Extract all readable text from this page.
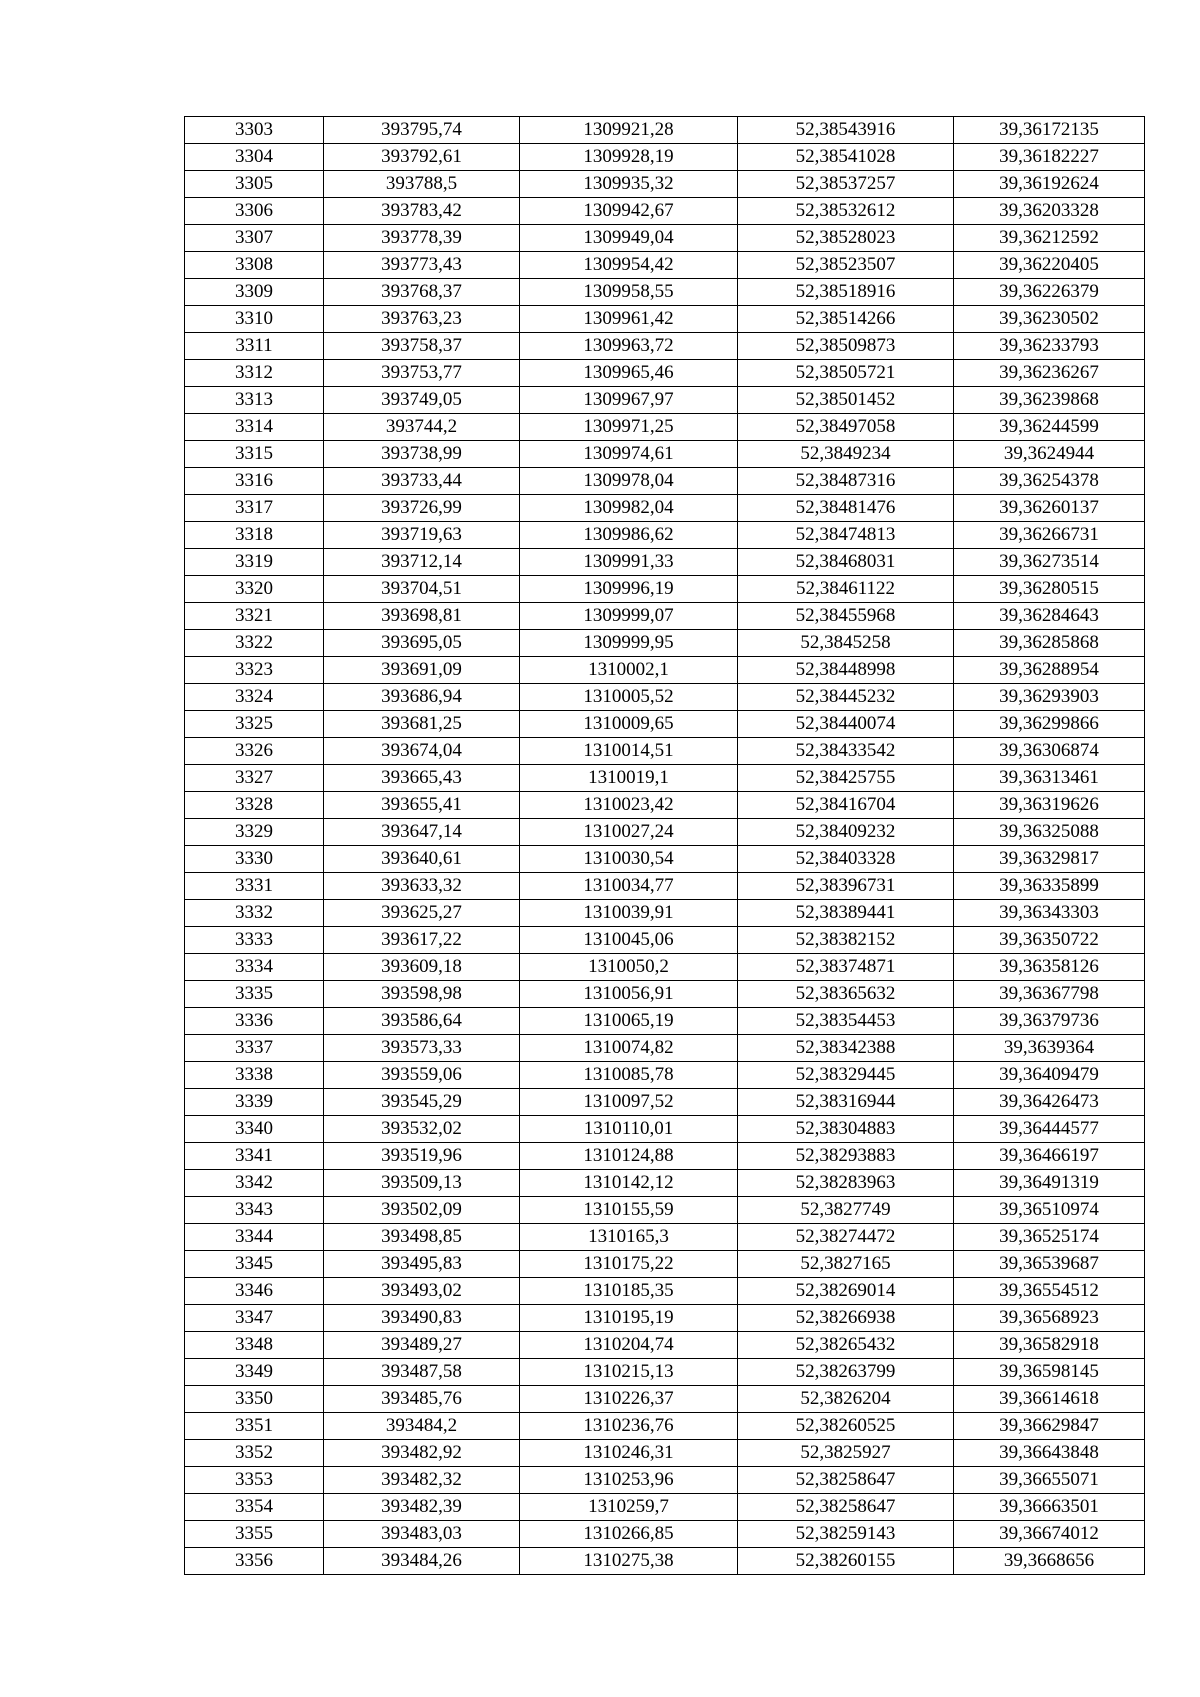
3303	393795,74	1309921,28	52,38543916	39,36172135
3304	393792,61	1309928,19	52,38541028	39,36182227
3305	393788,5	1309935,32	52,38537257	39,36192624
3306	393783,42	1309942,67	52,38532612	39,36203328
3307	393778,39	1309949,04	52,38528023	39,36212592
3308	393773,43	1309954,42	52,38523507	39,36220405
3309	393768,37	1309958,55	52,38518916	39,36226379
3310	393763,23	1309961,42	52,38514266	39,36230502
3311	393758,37	1309963,72	52,38509873	39,36233793
3312	393753,77	1309965,46	52,38505721	39,36236267
3313	393749,05	1309967,97	52,38501452	39,36239868
3314	393744,2	1309971,25	52,38497058	39,36244599
3315	393738,99	1309974,61	52,3849234	39,3624944
3316	393733,44	1309978,04	52,38487316	39,36254378
3317	393726,99	1309982,04	52,38481476	39,36260137
3318	393719,63	1309986,62	52,38474813	39,36266731
3319	393712,14	1309991,33	52,38468031	39,36273514
3320	393704,51	1309996,19	52,38461122	39,36280515
3321	393698,81	1309999,07	52,38455968	39,36284643
3322	393695,05	1309999,95	52,3845258	39,36285868
3323	393691,09	1310002,1	52,38448998	39,36288954
3324	393686,94	1310005,52	52,38445232	39,36293903
3325	393681,25	1310009,65	52,38440074	39,36299866
3326	393674,04	1310014,51	52,38433542	39,36306874
3327	393665,43	1310019,1	52,38425755	39,36313461
3328	393655,41	1310023,42	52,38416704	39,36319626
3329	393647,14	1310027,24	52,38409232	39,36325088
3330	393640,61	1310030,54	52,38403328	39,36329817
3331	393633,32	1310034,77	52,38396731	39,36335899
3332	393625,27	1310039,91	52,38389441	39,36343303
3333	393617,22	1310045,06	52,38382152	39,36350722
3334	393609,18	1310050,2	52,38374871	39,36358126
3335	393598,98	1310056,91	52,38365632	39,36367798
3336	393586,64	1310065,19	52,38354453	39,36379736
3337	393573,33	1310074,82	52,38342388	39,3639364
3338	393559,06	1310085,78	52,38329445	39,36409479
3339	393545,29	1310097,52	52,38316944	39,36426473
3340	393532,02	1310110,01	52,38304883	39,36444577
3341	393519,96	1310124,88	52,38293883	39,36466197
3342	393509,13	1310142,12	52,38283963	39,36491319
3343	393502,09	1310155,59	52,3827749	39,36510974
3344	393498,85	1310165,3	52,38274472	39,36525174
3345	393495,83	1310175,22	52,3827165	39,36539687
3346	393493,02	1310185,35	52,38269014	39,36554512
3347	393490,83	1310195,19	52,38266938	39,36568923
3348	393489,27	1310204,74	52,38265432	39,36582918
3349	393487,58	1310215,13	52,38263799	39,36598145
3350	393485,76	1310226,37	52,3826204	39,36614618
3351	393484,2	1310236,76	52,38260525	39,36629847
3352	393482,92	1310246,31	52,3825927	39,36643848
3353	393482,32	1310253,96	52,38258647	39,36655071
3354	393482,39	1310259,7	52,38258647	39,36663501
3355	393483,03	1310266,85	52,38259143	39,36674012
3356	393484,26	1310275,38	52,38260155	39,3668656
